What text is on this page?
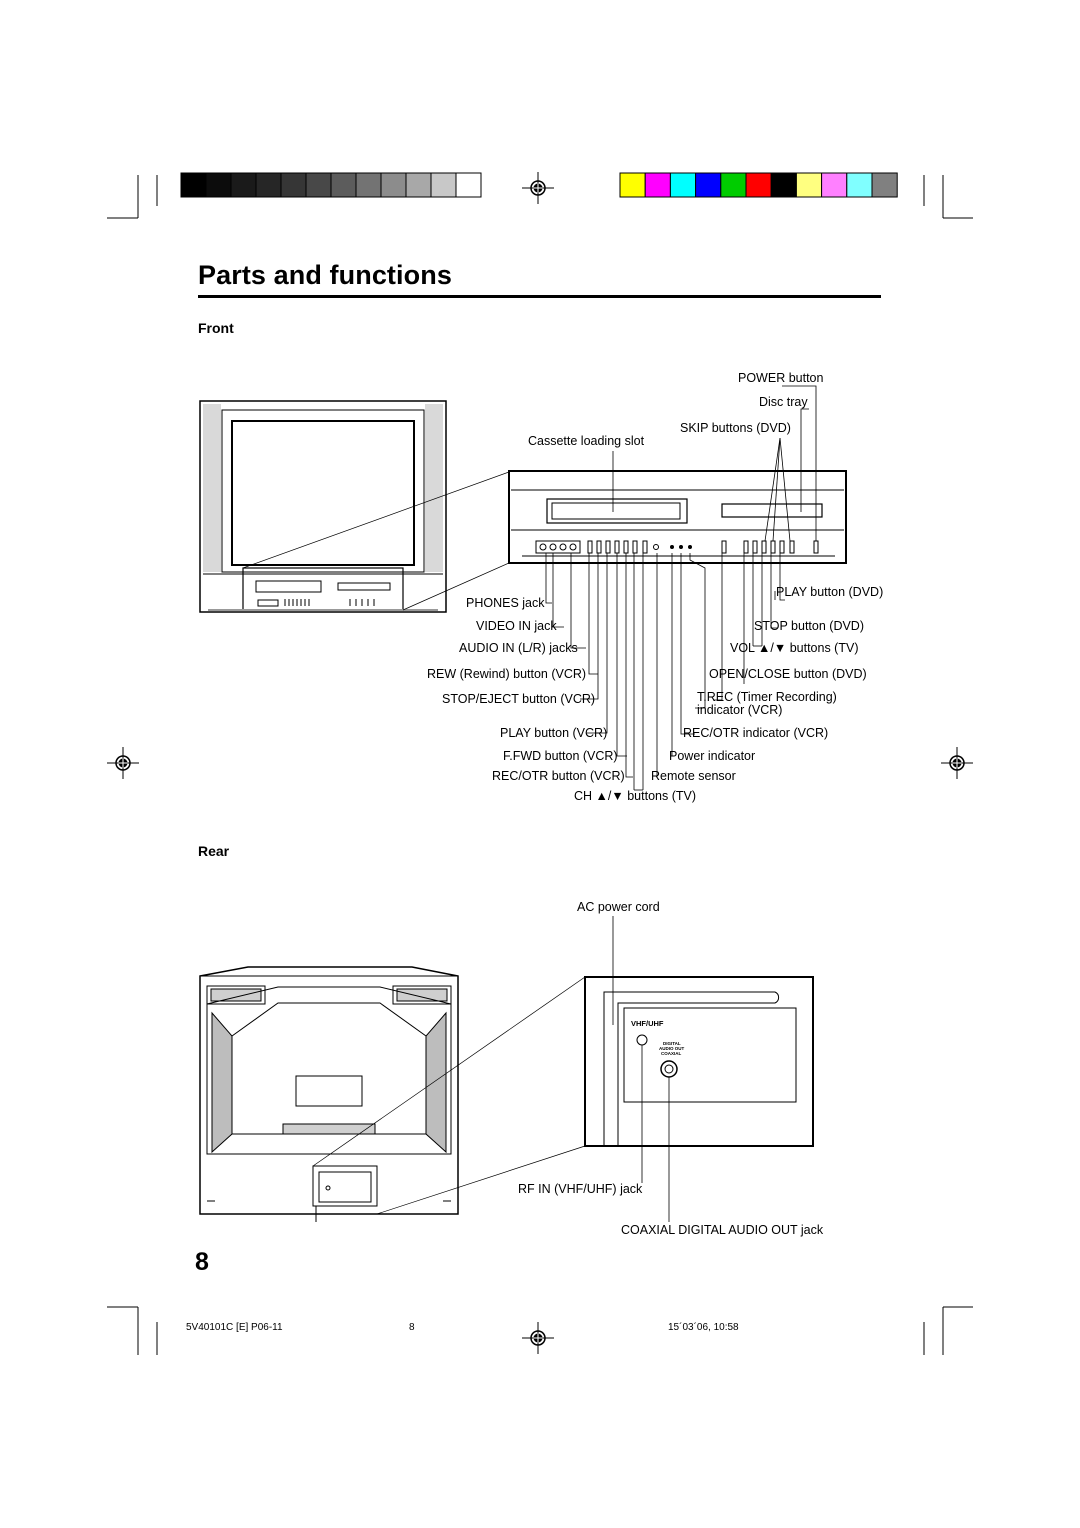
VHF/UHF
DIGITAL
AUDIO OUT
COAXIAL
Parts and functions
Front
Rear
POWER button
Disc tray
SKIP buttons (DVD)
Cassette loading slot
PHONES jack
VIDEO IN jack
AUDIO IN (L/R) jacks
REW (Rewind) button (VCR)
STOP/EJECT button (VCR)
PLAY button (VCR)
F.FWD button (VCR)
REC/OTR button (VCR)
CH ▲/▼ buttons (TV)
PLAY button (DVD)
STOP button (DVD)
VOL ▲/▼ buttons (TV)
OPEN/CLOSE button (DVD)
T.REC (Timer Recording)
indicator (VCR)
REC/OTR indicator (VCR)
Power indicator
Remote sensor
AC power cord
RF IN (VHF/UHF) jack
COAXIAL DIGITAL AUDIO OUT jack
8
5V40101C [E] P06-11	8	15´03´06, 10:58
